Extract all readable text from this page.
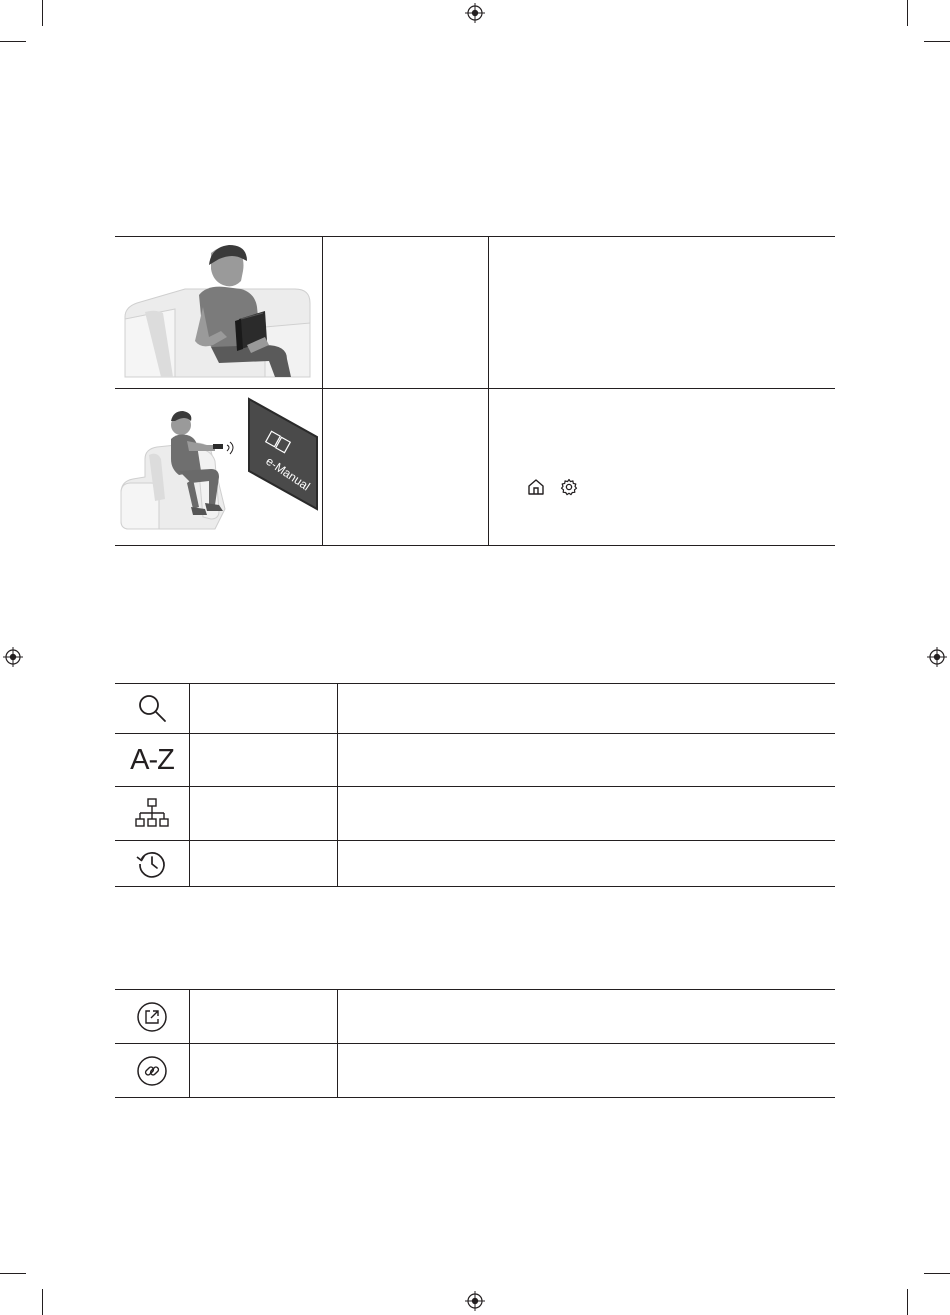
e-Manual

A-Z		
